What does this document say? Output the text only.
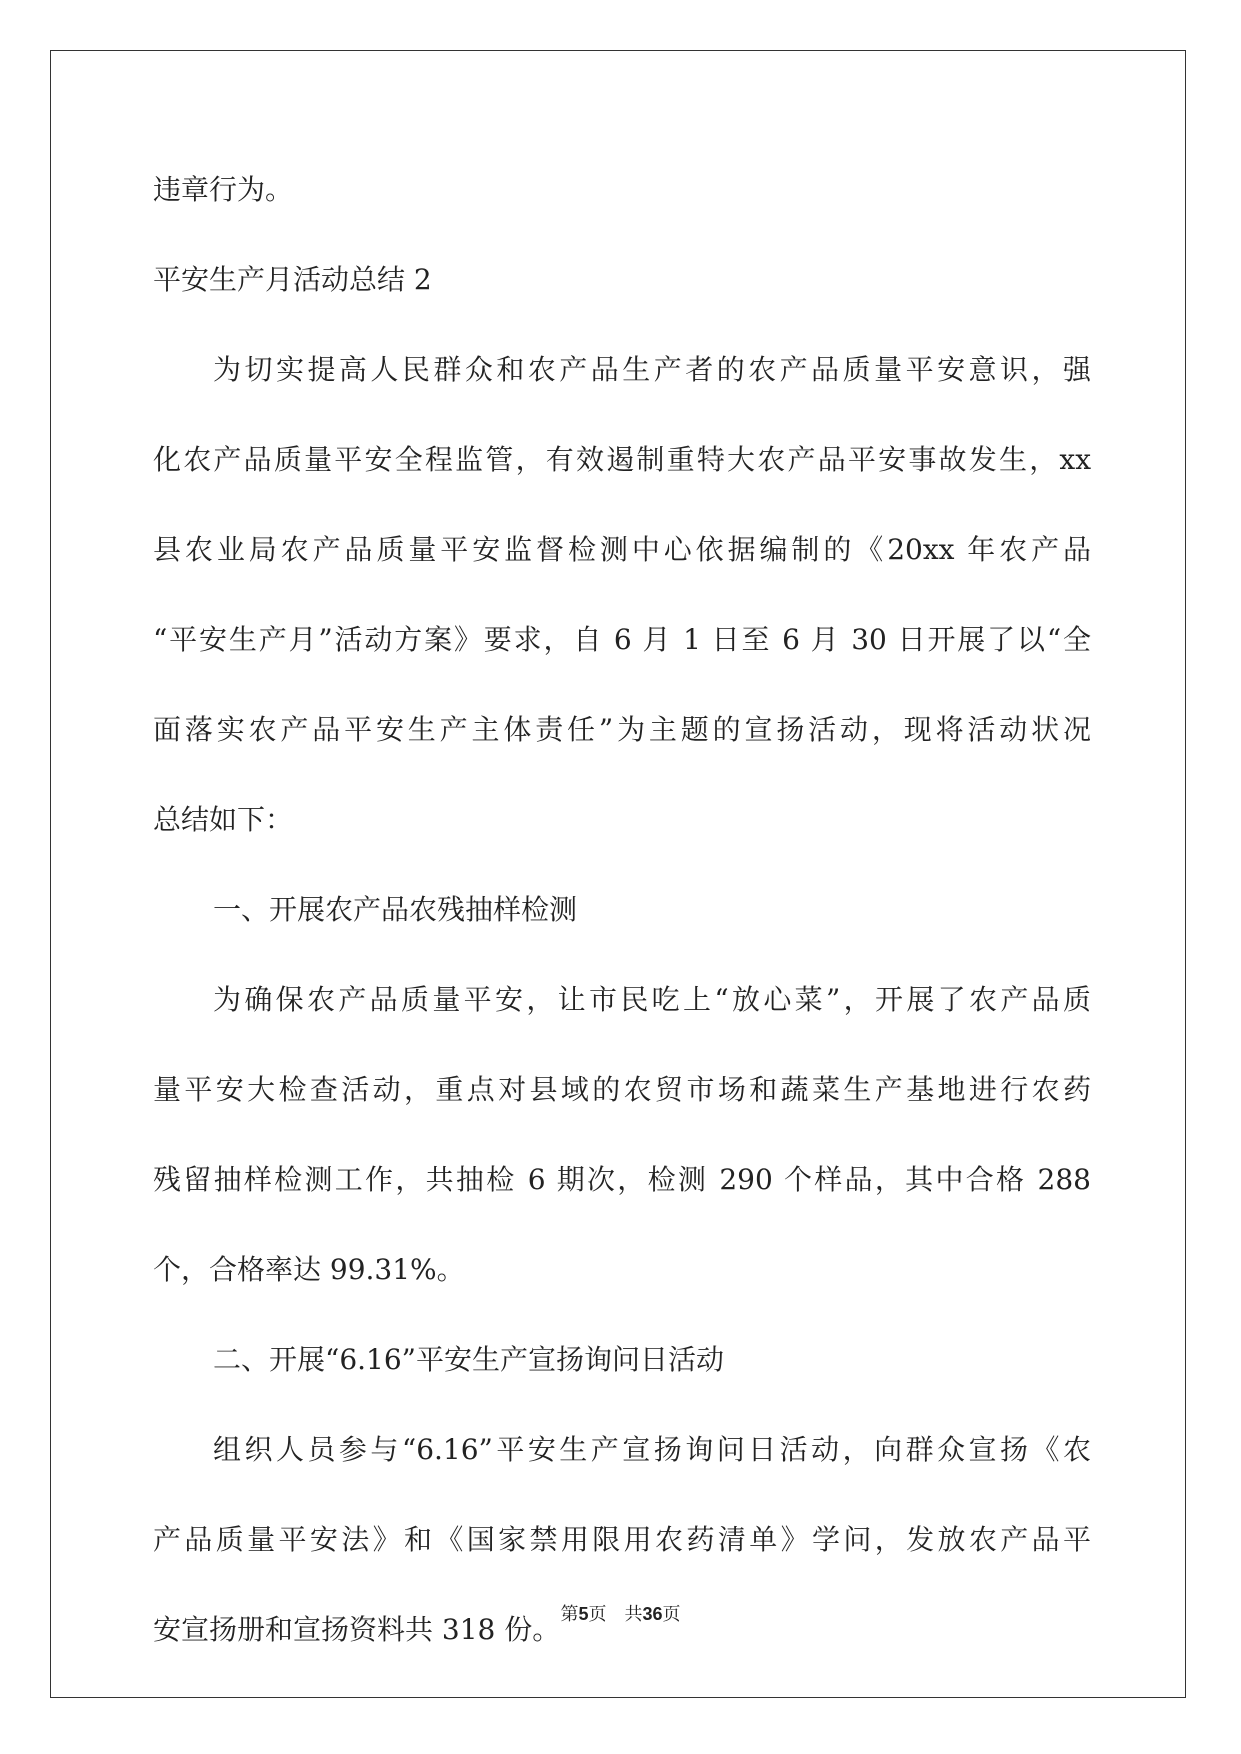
违章行为。
平安生产月活动总结 2
为切实提高人民群众和农产品生产者的农产品质量平安意识，强
化农产品质量平安全程监管，有效遏制重特大农产品平安事故发生，xx
县农业局农产品质量平安监督检测中心依据编制的《20xx 年农产品
“平安生产月”活动方案》要求，自 6 月 1 日至 6 月 30 日开展了以“全
面落实农产品平安生产主体责任”为主题的宣扬活动，现将活动状况
总结如下：
一、开展农产品农残抽样检测
为确保农产品质量平安，让市民吃上“放心菜”，开展了农产品质
量平安大检查活动，重点对县域的农贸市场和蔬菜生产基地进行农药
残留抽样检测工作，共抽检 6 期次，检测 290 个样品，其中合格 288
个，合格率达 99.31%。
二、开展“6.16”平安生产宣扬询问日活动
组织人员参与“6.16”平安生产宣扬询问日活动，向群众宣扬《农
产品质量平安法》和《国家禁用限用农药清单》学问，发放农产品平
安宣扬册和宣扬资料共 318 份。 第5页 共36页
